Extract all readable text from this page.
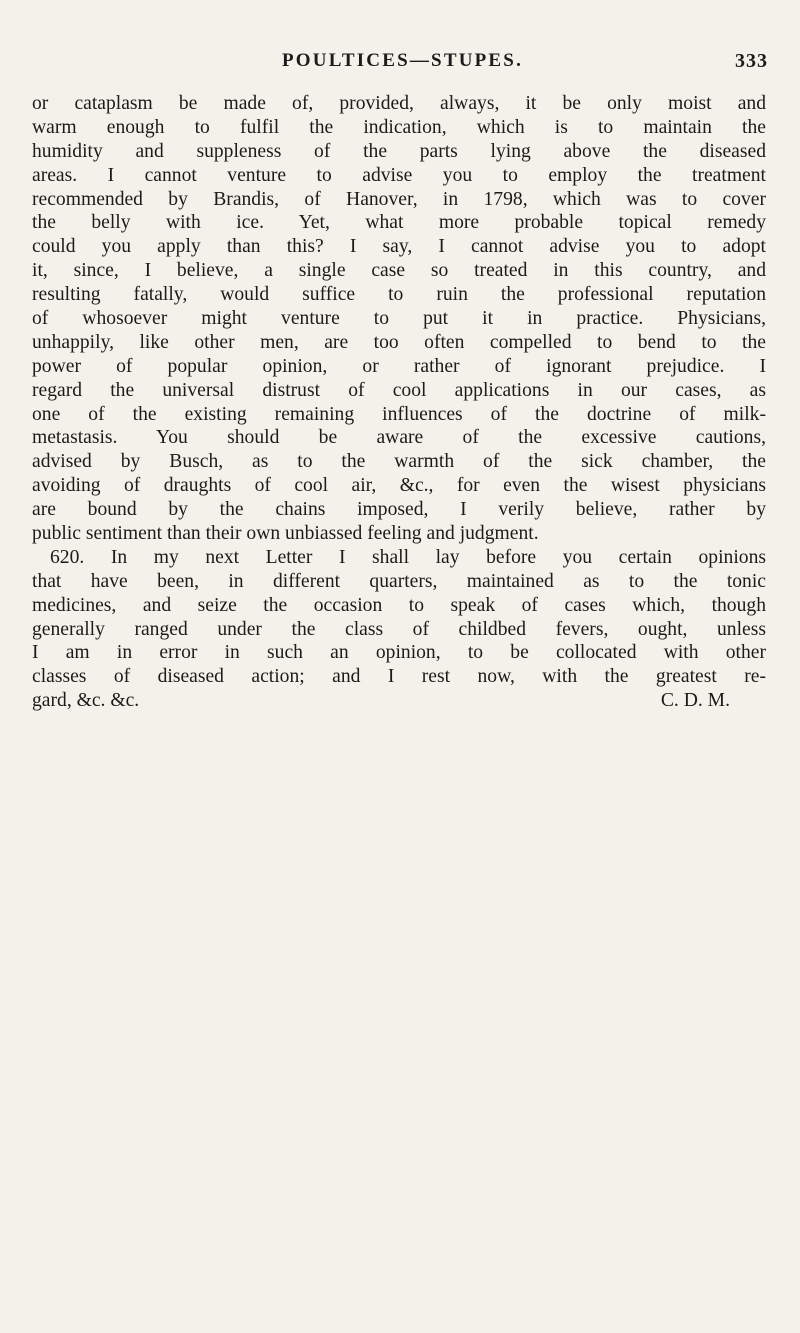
POULTICES—STUPES.	333
or cataplasm be made of, provided, always, it be only moist and
warm enough to fulfil the indication, which is to maintain the
humidity and suppleness of the parts lying above the diseased
areas. I cannot venture to advise you to employ the treatment
recommended by Brandis, of Hanover, in 1798, which was to cover
the belly with ice. Yet, what more probable topical remedy
could you apply than this? I say, I cannot advise you to adopt
it, since, I believe, a single case so treated in this country, and
resulting fatally, would suffice to ruin the professional reputation
of whosoever might venture to put it in practice. Physicians,
unhappily, like other men, are too often compelled to bend to the
power of popular opinion, or rather of ignorant prejudice. I
regard the universal distrust of cool applications in our cases, as
one of the existing remaining influences of the doctrine of milk-
metastasis. You should be aware of the excessive cautions,
advised by Busch, as to the warmth of the sick chamber, the
avoiding of draughts of cool air, &c., for even the wisest physicians
are bound by the chains imposed, I verily believe, rather by
public sentiment than their own unbiassed feeling and judgment.
620. In my next Letter I shall lay before you certain opinions
that have been, in different quarters, maintained as to the tonic
medicines, and seize the occasion to speak of cases which, though
generally ranged under the class of childbed fevers, ought, unless
I am in error in such an opinion, to be collocated with other
classes of diseased action; and I rest now, with the greatest re-
gard, &c. &c.	C. D. M.
